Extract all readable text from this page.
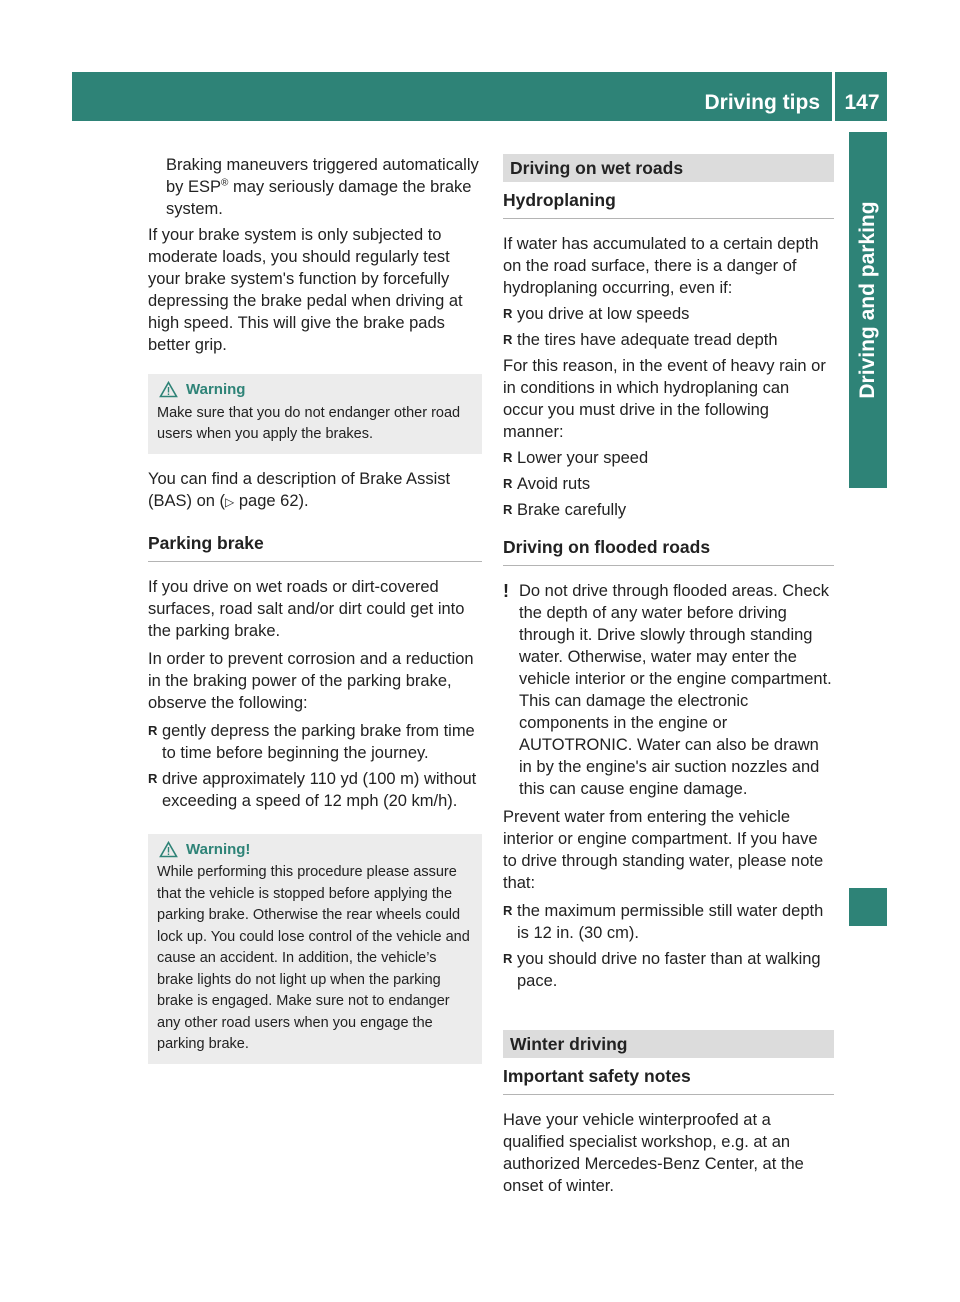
Driving tips	147
Driving and parking

Braking maneuvers triggered automatically

by ESP® may seriously damage the brake system.

If your brake system is only subjected to moderate loads, you should regularly test your brake system's function by forcefully depressing the brake pedal when driving at high speed. This will give the brake pads better grip.

Warning

Make sure that you do not endanger other road users when you apply the brakes.

You can find a description of Brake Assist (BAS) on (▷ page 62).

Parking brake

If you drive on wet roads or dirt-covered surfaces, road salt and/or dirt could get into the parking brake.

In order to prevent corrosion and a reduction in the braking power of the parking brake, observe the following:

R gently depress the parking brake from time to time before beginning the journey.
R drive approximately 110 yd (100 m) without exceeding a speed of 12 mph (20 km/h).
Warning!

While performing this procedure please assure that the vehicle is stopped before applying the parking brake. Otherwise the rear wheels could lock up. You could lose control of the vehicle and cause an accident. In addition, the vehicle’s brake lights do not light up when the parking brake is engaged. Make sure not to endanger any other road users when you engage the parking brake.

Driving on wet roads
Hydroplaning

If water has accumulated to a certain depth on the road surface, there is a danger of hydroplaning occurring, even if:

R you drive at low speeds
R the tires have adequate tread depth

For this reason, in the event of heavy rain or in conditions in which hydroplaning can occur you must drive in the following manner:

R Lower your speed
R Avoid ruts
R Brake carefully
Driving on flooded roads
! Do not drive through flooded areas. Check the depth of any water before driving through it. Drive slowly through standing water. Otherwise, water may enter the vehicle interior or the engine compartment. This can damage the electronic components in the engine or AUTOTRONIC. Water can also be drawn in by the engine's air suction nozzles and this can cause engine damage.

Prevent water from entering the vehicle interior or engine compartment. If you have to drive through standing water, please note that:

R the maximum permissible still water depth is 12 in. (30 cm).
R you should drive no faster than at walking pace.
Winter driving
Important safety notes

Have your vehicle winterproofed at a qualified specialist workshop, e.g. at an authorized Mercedes-Benz Center, at the onset of winter.
